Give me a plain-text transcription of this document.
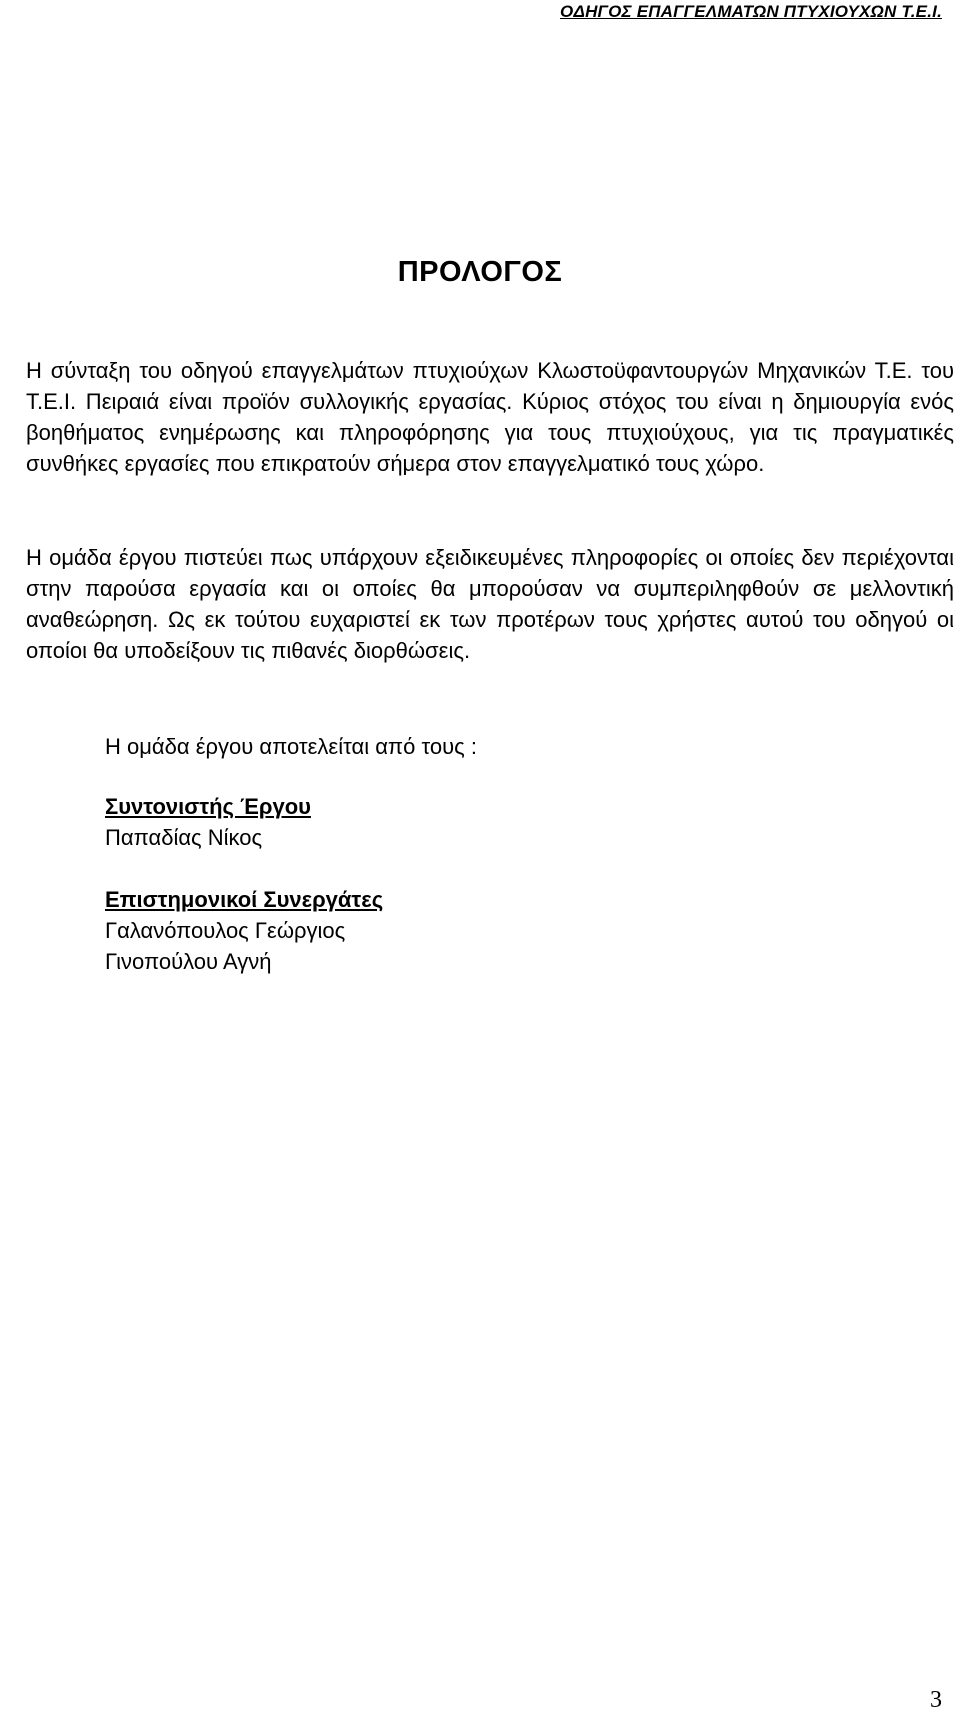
ΟΔΗΓΟΣ ΕΠΑΓΓΕΛΜΑΤΩΝ ΠΤΥΧΙΟΥΧΩΝ Τ.Ε.Ι.
ΠΡΟΛΟΓΟΣ
Η σύνταξη του οδηγού επαγγελμάτων πτυχιούχων Κλωστοϋφαντουργών Μηχανικών Τ.Ε. του Τ.Ε.Ι. Πειραιά είναι προϊόν συλλογικής εργασίας. Κύριος στόχος του είναι η δημιουργία ενός βοηθήματος ενημέρωσης και πληροφόρησης για τους πτυχιούχους, για τις πραγματικές συνθήκες εργασίες που επικρατούν σήμερα στον επαγγελματικό τους χώρο.
Η ομάδα έργου πιστεύει πως υπάρχουν εξειδικευμένες πληροφορίες οι οποίες δεν περιέχονται στην παρούσα εργασία και οι οποίες θα μπορούσαν να συμπεριληφθούν σε μελλοντική αναθεώρηση. Ως εκ τούτου ευχαριστεί εκ των προτέρων τους χρήστες αυτού του οδηγού οι οποίοι θα υποδείξουν τις πιθανές διορθώσεις.
Η ομάδα έργου αποτελείται από τους :
Συντονιστής Έργου
Παπαδίας Νίκος
Επιστημονικοί Συνεργάτες
Γαλανόπουλος Γεώργιος
Γινοπούλου Αγνή
3
